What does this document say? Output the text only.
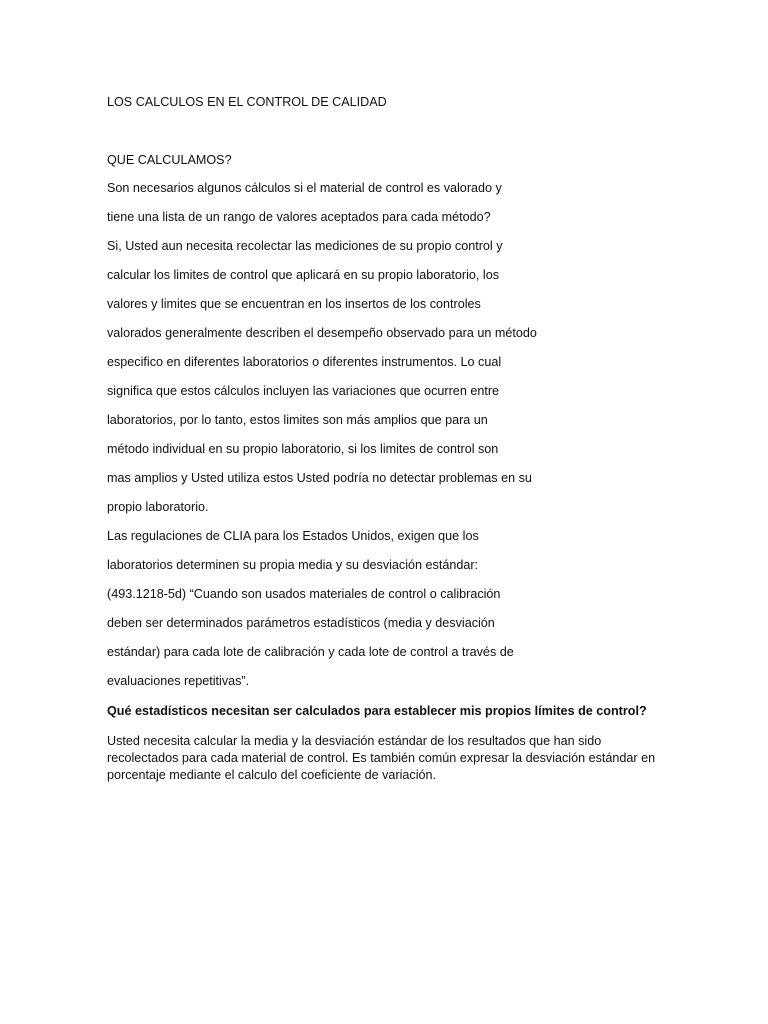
LOS CALCULOS EN EL CONTROL DE CALIDAD
QUE CALCULAMOS?
Son necesarios algunos cálculos si el material de control es valorado y
tiene una lista de un rango de valores aceptados para cada método?
Si, Usted aun necesita recolectar las mediciones de su propio control y
calcular los limites de control que aplicará en su propio laboratorio, los
valores y limites que se encuentran en los insertos de los controles
valorados generalmente describen el desempeño observado para un método
especifico en diferentes laboratorios o diferentes instrumentos. Lo cual
significa que estos cálculos incluyen las variaciones que ocurren entre
laboratorios, por lo tanto, estos limites son más amplios que para un
método individual en su propio laboratorio, si los limites de control son
mas amplios y Usted utiliza estos Usted podría no detectar problemas en su
propio laboratorio.
Las regulaciones de CLIA para los Estados Unidos, exigen que los
laboratorios determinen su propia media y su desviación estándar:
(493.1218-5d) “Cuando son usados materiales de control o calibración
deben ser determinados parámetros estadísticos (media y desviación
estándar) para cada lote de calibración y cada lote de control a través de
evaluaciones repetitivas”.
Qué estadísticos necesitan ser calculados para establecer mis propios límites de control?
Usted necesita calcular la media y la desviación estándar de los resultados que han sido
recolectados para cada material de control. Es también común expresar la desviación estándar en
porcentaje mediante el calculo del coeficiente de variación.
